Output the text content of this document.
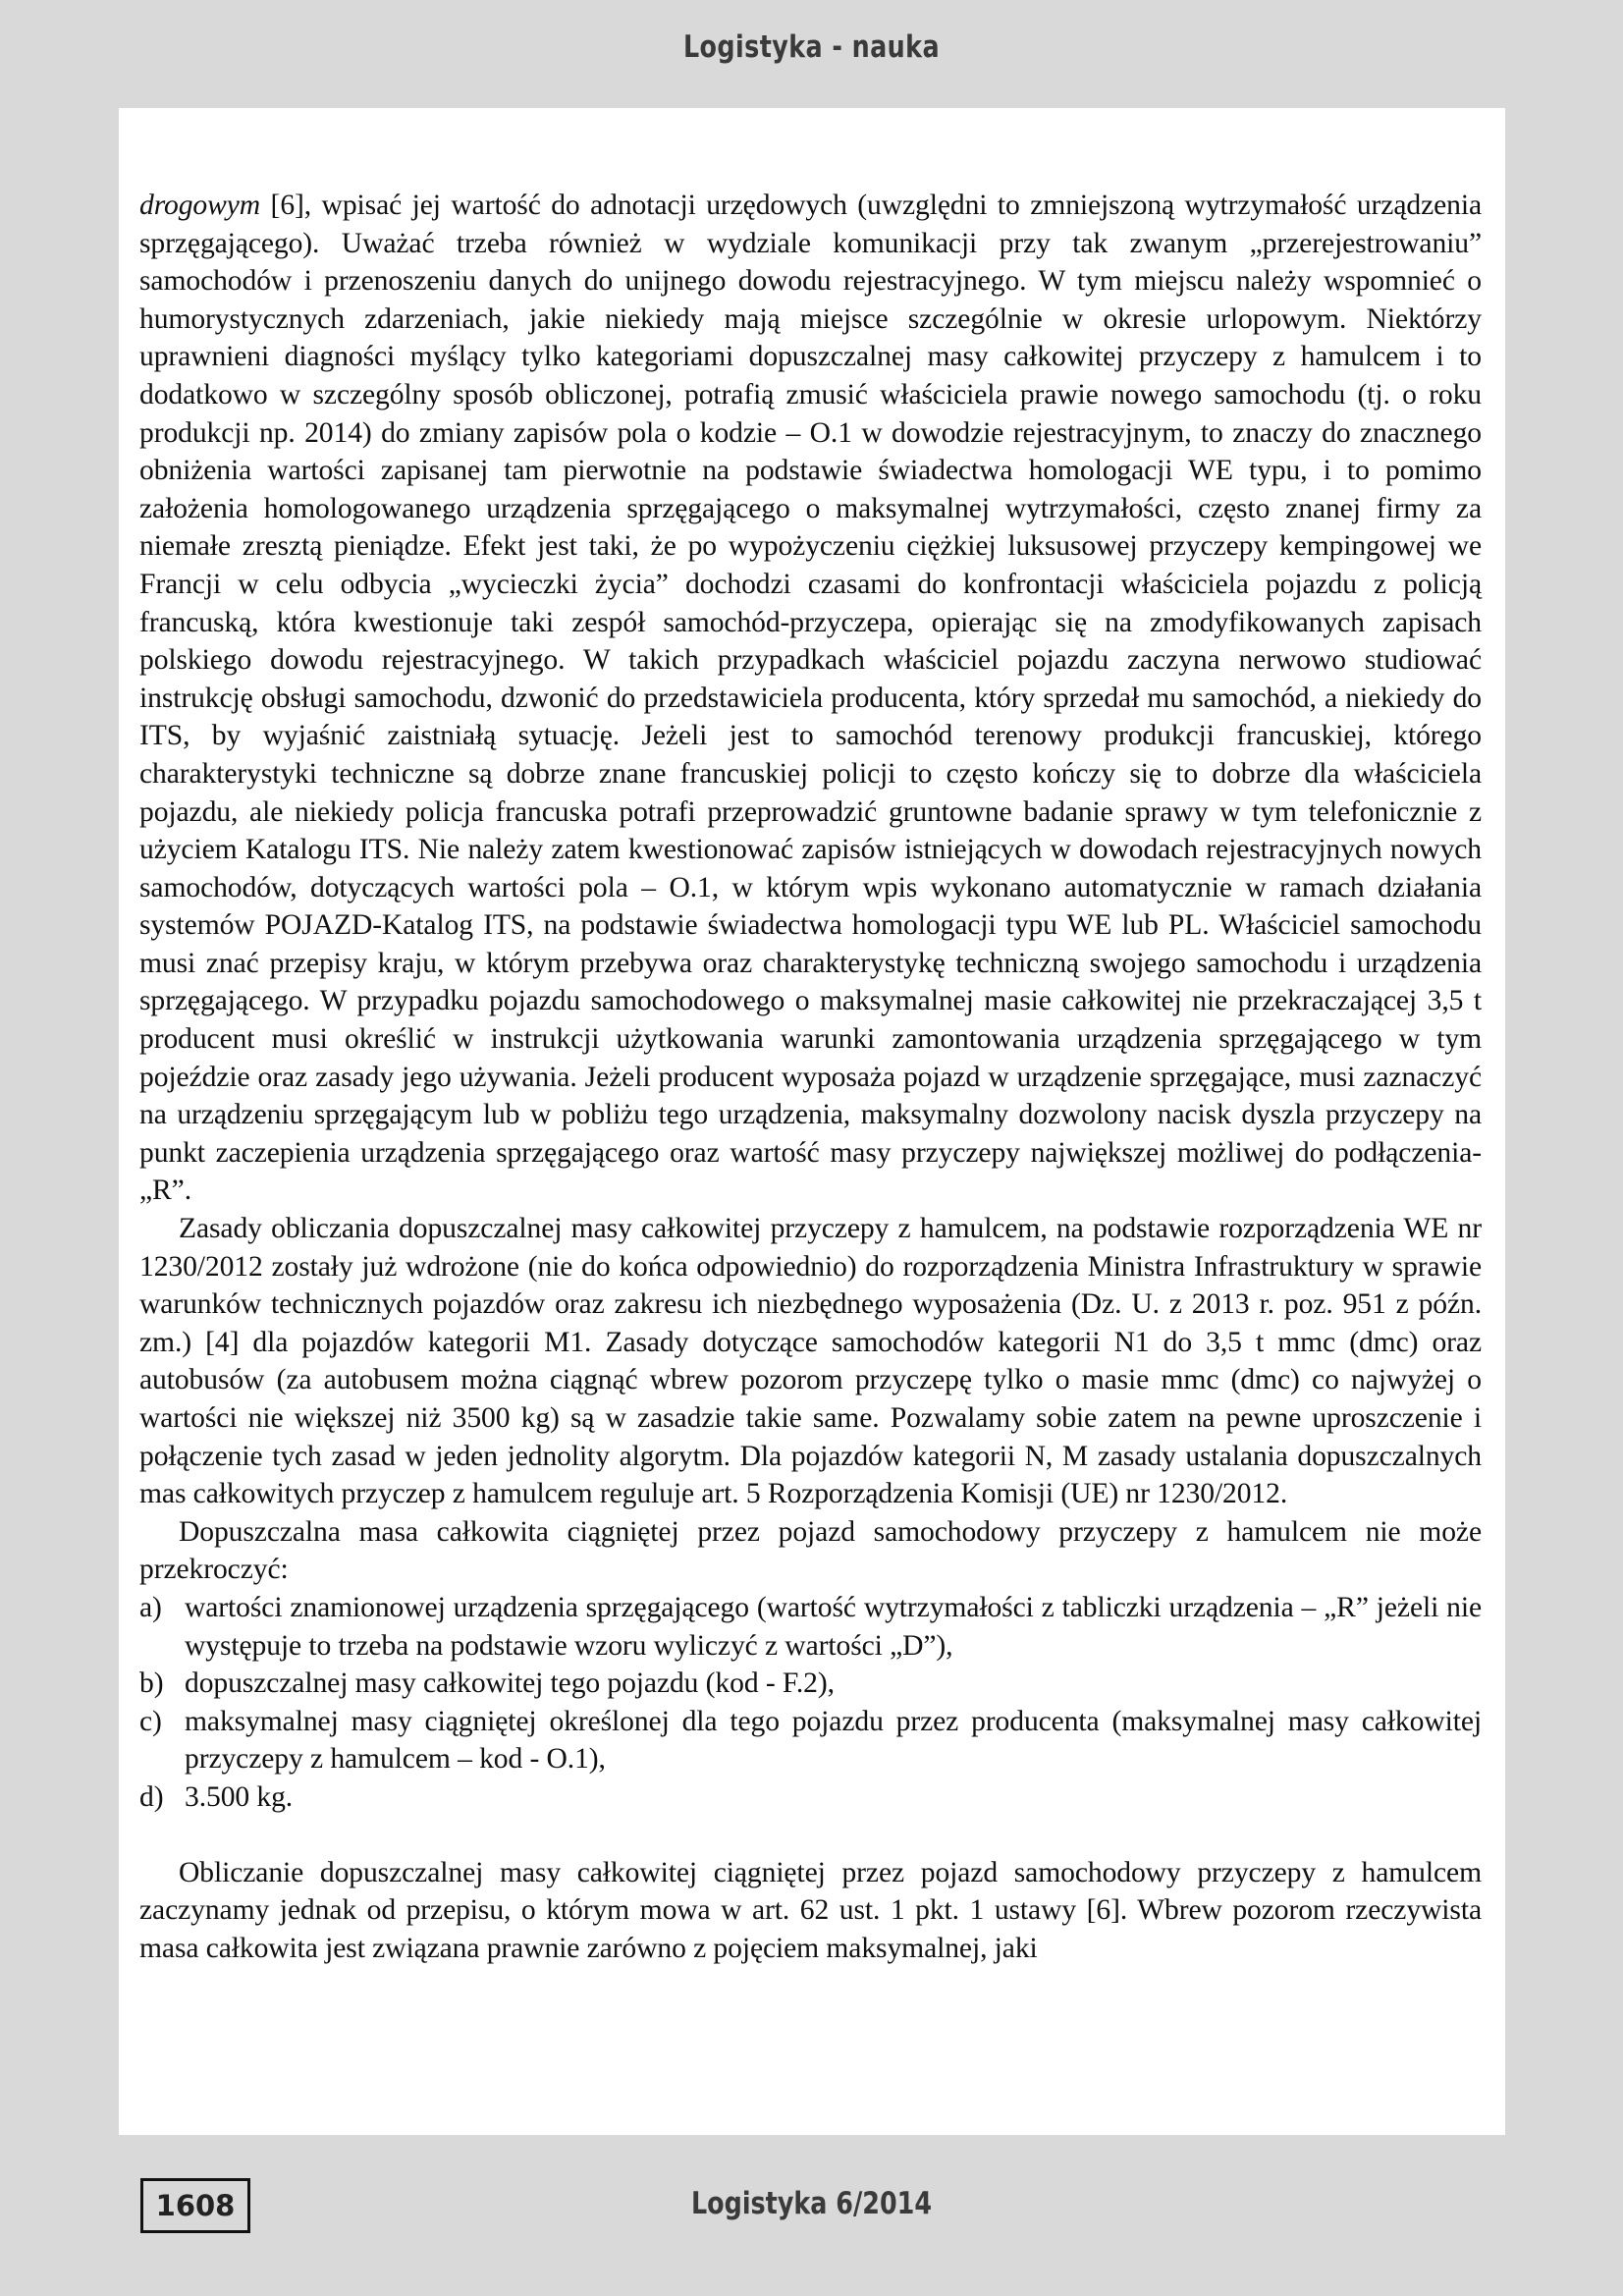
Logistyka - nauka

drogowym [6], wpisać jej wartość do adnotacji urzędowych (uwzględni to zmniejszoną wytrzymałość urządzenia sprzęgającego). Uważać trzeba również w wydziale komunikacji przy tak zwanym „przerejestrowaniu” samochodów i przenoszeniu danych do unijnego dowodu rejestracyjnego. W tym miejscu należy wspomnieć o humorystycznych zdarzeniach, jakie niekiedy mają miejsce szczególnie w okresie urlopowym. Niektórzy uprawnieni diagności myślący tylko kategoriami dopuszczalnej masy całkowitej przyczepy z hamulcem i to dodatkowo w szczególny sposób obliczonej, potrafią zmusić właściciela prawie nowego samochodu (tj. o roku produkcji np. 2014) do zmiany zapisów pola o kodzie – O.1 w dowodzie rejestracyjnym, to znaczy do znacznego obniżenia wartości zapisanej tam pierwotnie na podstawie świadectwa homologacji WE typu, i to pomimo założenia homologowanego urządzenia sprzęgającego o maksymalnej wytrzymałości, często znanej firmy za niemałe zresztą pieniądze. Efekt jest taki, że po wypożyczeniu ciężkiej luksusowej przyczepy kempingowej we Francji w celu odbycia „wycieczki życia” dochodzi czasami do konfrontacji właściciela pojazdu z policją francuską, która kwestionuje taki zespół samochód-przyczepa, opierając się na zmodyfikowanych zapisach polskiego dowodu rejestracyjnego. W takich przypadkach właściciel pojazdu zaczyna nerwowo studiować instrukcję obsługi samochodu, dzwonić do przedstawiciela producenta, który sprzedał mu samochód, a niekiedy do ITS, by wyjaśnić zaistniałą sytuację. Jeżeli jest to samochód terenowy produkcji francuskiej, którego charakterystyki techniczne są dobrze znane francuskiej policji to często kończy się to dobrze dla właściciela pojazdu, ale niekiedy policja francuska potrafi przeprowadzić gruntowne badanie sprawy w tym telefonicznie z użyciem Katalogu ITS. Nie należy zatem kwestionować zapisów istniejących w dowodach rejestracyjnych nowych samochodów, dotyczących wartości pola – O.1, w którym wpis wykonano automatycznie w ramach działania systemów POJAZD-Katalog ITS, na podstawie świadectwa homologacji typu WE lub PL. Właściciel samochodu musi znać przepisy kraju, w którym przebywa oraz charakterystykę techniczną swojego samochodu i urządzenia sprzęgającego. W przypadku pojazdu samochodowego o maksymalnej masie całkowitej nie przekraczającej 3,5 t producent musi określić w instrukcji użytkowania warunki zamontowania urządzenia sprzęgającego w tym pojeździe oraz zasady jego używania. Jeżeli producent wyposaża pojazd w urządzenie sprzęgające, musi zaznaczyć na urządzeniu sprzęgającym lub w pobliżu tego urządzenia, maksymalny dozwolony nacisk dyszla przyczepy na punkt zaczepienia urządzenia sprzęgającego oraz wartość masy przyczepy największej możliwej do podłączenia-„R”.

Zasady obliczania dopuszczalnej masy całkowitej przyczepy z hamulcem, na podstawie rozporządzenia WE nr 1230/2012 zostały już wdrożone (nie do końca odpowiednio) do rozporządzenia Ministra Infrastruktury w sprawie warunków technicznych pojazdów oraz zakresu ich niezbędnego wyposażenia (Dz. U. z 2013 r. poz. 951 z późn. zm.) [4] dla pojazdów kategorii M1. Zasady dotyczące samochodów kategorii N1 do 3,5 t mmc (dmc) oraz autobusów (za autobusem można ciągnąć wbrew pozorom przyczepę tylko o masie mmc (dmc) co najwyżej o wartości nie większej niż 3500 kg) są w zasadzie takie same. Pozwalamy sobie zatem na pewne uproszczenie i połączenie tych zasad w jeden jednolity algorytm. Dla pojazdów kategorii N, M zasady ustalania dopuszczalnych mas całkowitych przyczep z hamulcem reguluje art. 5 Rozporządzenia Komisji (UE) nr 1230/2012.

Dopuszczalna masa całkowita ciągniętej przez pojazd samochodowy przyczepy z hamulcem nie może przekroczyć:

a) wartości znamionowej urządzenia sprzęgającego (wartość wytrzymałości z tabliczki urządzenia – „R” jeżeli nie występuje to trzeba na podstawie wzoru wyliczyć z wartości „D”),
b) dopuszczalnej masy całkowitej tego pojazdu (kod - F.2),
c) maksymalnej masy ciągniętej określonej dla tego pojazdu przez producenta (maksymalnej masy całkowitej przyczepy z hamulcem – kod - O.1),
d) 3.500 kg.

Obliczanie dopuszczalnej masy całkowitej ciągniętej przez pojazd samochodowy przyczepy z hamulcem zaczynamy jednak od przepisu, o którym mowa w art. 62 ust. 1 pkt. 1 ustawy [6]. Wbrew pozorom rzeczywista masa całkowita jest związana prawnie zarówno z pojęciem maksymalnej, jaki

1608	Logistyka 6/2014
